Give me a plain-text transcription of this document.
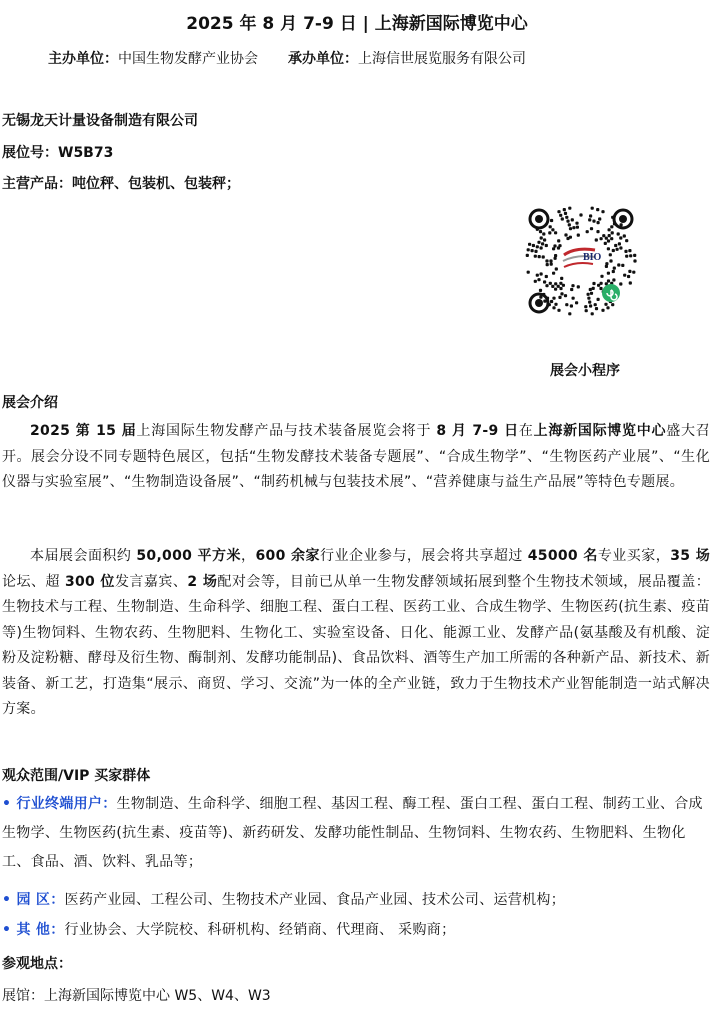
2025 年 8 月 7-9 日 | 上海新国际博览中心
主办单位：中国生物发酵产业协会 承办单位：上海信世展览服务有限公司
无锡龙天计量设备制造有限公司
展位号：W5B73
主营产品：吨位秤、包装机、包装秤；
BIO
展会小程序
展会介绍
2025 第 15 届上海国际生物发酵产品与技术装备展览会将于 8 月 7-9 日在上海新国际博览中心盛大召开。展会分设不同专题特色展区，包括“生物发酵技术装备专题展”、“合成生物学”、“生物医药产业展”、“生化仪器与实验室展”、“生物制造设备展”、“制药机械与包装技术展”、“营养健康与益生产品展”等特色专题展。
本届展会面积约 50,000 平方米，600 余家行业企业参与，展会将共享超过 45000 名专业买家，35 场论坛、超 300 位发言嘉宾、2 场配对会等，目前已从单一生物发酵领域拓展到整个生物技术领域，展品覆盖：生物技术与工程、生物制造、生命科学、细胞工程、蛋白工程、医药工业、合成生物学、生物医药(抗生素、疫苗等)生物饲料、生物农药、生物肥料、生物化工、实验室设备、日化、能源工业、发酵产品(氨基酸及有机酸、淀粉及淀粉糖、酵母及衍生物、酶制剂、发酵功能制品)、食品饮料、酒等生产加工所需的各种新产品、新技术、新装备、新工艺，打造集“展示、商贸、学习、交流”为一体的全产业链，致力于生物技术产业智能制造一站式解决方案。
观众范围/VIP 买家群体
• 行业终端用户：生物制造、生命科学、细胞工程、基因工程、酶工程、蛋白工程、蛋白工程、制药工业、合成生物学、生物医药(抗生素、疫苗等)、新药研发、发酵功能性制品、生物饲料、生物农药、生物肥料、生物化工、食品、酒、饮料、乳品等；
• 园 区：医药产业园、工程公司、生物技术产业园、食品产业园、技术公司、运营机构；
• 其 他：行业协会、大学院校、科研机构、经销商、代理商、 采购商；
参观地点：
展馆：上海新国际博览中心 W5、W4、W3
